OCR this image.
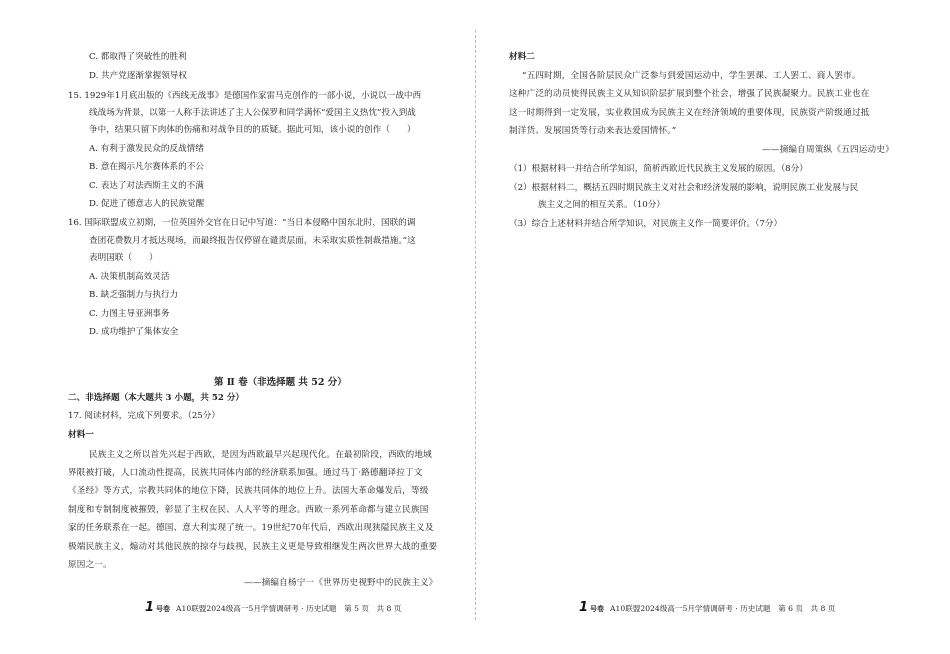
C. 都取得了突破性的胜利
D. 共产党逐渐掌握领导权
15. 1929年1月底出版的《西线无战事》是德国作家雷马克创作的一部小说，小说以一战中西
线战场为背景，以第一人称手法讲述了主人公保罗和同学满怀“爱国主义热忱”投入到战
争中，结果只留下肉体的伤痛和对战争目的的质疑。据此可知，该小说的创作（　　）
A. 有利于激发民众的反战情绪
B. 意在揭示凡尔赛体系的不公
C. 表达了对法西斯主义的不满
D. 促进了德意志人的民族觉醒
16. 国际联盟成立初期，一位英国外交官在日记中写道：“当日本侵略中国东北时，国联的调
查团花费数月才抵达现场，而最终报告仅停留在谴责层面，未采取实质性制裁措施。”这
表明国联（　　）
A. 决策机制高效灵活
B. 缺乏强制力与执行力
C. 力图主导亚洲事务
D. 成功维护了集体安全
第 Ⅱ 卷（非选择题 共 52 分）
二、非选择题（本大题共 3 小题，共 52 分）
17. 阅读材料，完成下列要求。（25分）
材料一
民族主义之所以首先兴起于西欧，是因为西欧最早兴起现代化。在最初阶段，西欧的地域
界限被打破，人口流动性提高，民族共同体内部的经济联系加强。通过马丁·路德翻译拉丁文
《圣经》等方式，宗教共同体的地位下降，民族共同体的地位上升。法国大革命爆发后，等级
制度和专制制度被摧毁，彰显了主权在民、人人平等的理念。西欧一系列革命都与建立民族国
家的任务联系在一起。德国、意大利实现了统一。19世纪70年代后，西欧出现狭隘民族主义及
极端民族主义，煽动对其他民族的掠夺与歧视，民族主义更是导致相继发生两次世界大战的重要
原因之一。
——摘编自杨宁一《世界历史视野中的民族主义》
1 号卷 A10联盟2024级高一5月学情调研考 · 历史试题　第 5 页　共 8 页
材料二
“五四时期，全国各阶层民众广泛参与到爱国运动中，学生罢课、工人罢工、商人罢市。
这种广泛的动员使得民族主义从知识阶层扩展到整个社会，增强了民族凝聚力。民族工业也在
这一时期得到一定发展，实业救国成为民族主义在经济领域的重要体现，民族资产阶级通过抵
制洋货、发展国货等行动来表达爱国情怀。”
——摘编自周策纵《五四运动史》
（1）根据材料一并结合所学知识，简析西欧近代民族主义发展的原因。（8分）
（2）根据材料二，概括五四时期民族主义对社会和经济发展的影响，说明民族工业发展与民
族主义之间的相互关系。（10分）
（3）综合上述材料并结合所学知识，对民族主义作一简要评价。（7分）
1 号卷 A10联盟2024级高一5月学情调研考 · 历史试题　第 6 页　共 8 页
